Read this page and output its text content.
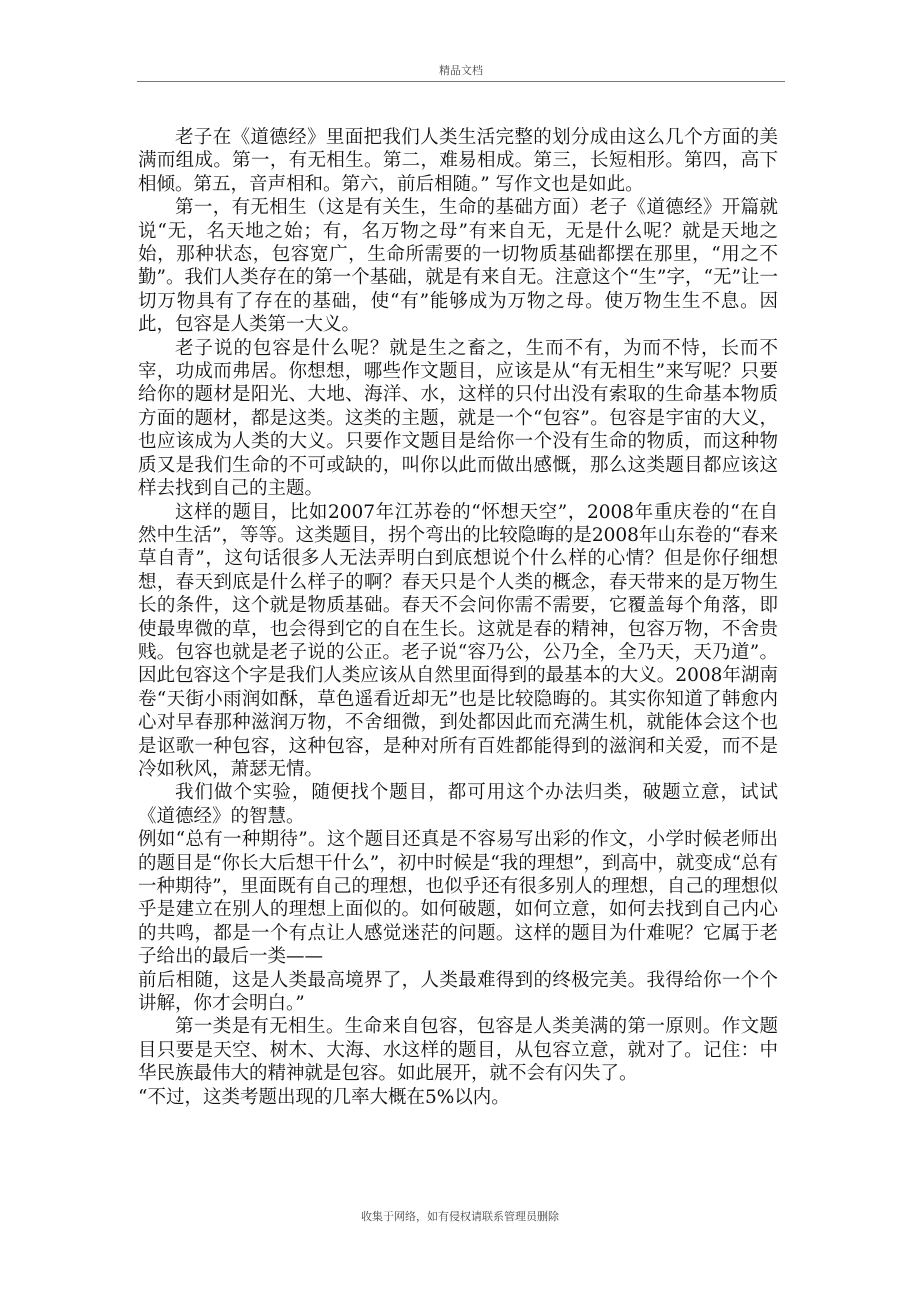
精品文档

老子在《道德经》里面把我们人类生活完整的划分成由这么几个方面的美满而组成。第一，有无相生。第二，难易相成。第三，长短相形。第四，高下相倾。第五，音声相和。第六，前后相随。” 写作文也是如此。

第一，有无相生（这是有关生，生命的基础方面）老子《道德经》开篇就说“无，名天地之始；有，名万物之母”有来自无，无是什么呢？就是天地之始，那种状态，包容宽广，生命所需要的一切物质基础都摆在那里，“用之不勤”。我们人类存在的第一个基础，就是有来自无。注意这个“生”字，“无”让一切万物具有了存在的基础，使“有”能够成为万物之母。使万物生生不息。因此，包容是人类第一大义。

老子说的包容是什么呢？就是生之畜之，生而不有，为而不恃，长而不宰，功成而弗居。你想想，哪些作文题目，应该是从“有无相生”来写呢？只要给你的题材是阳光、大地、海洋、水，这样的只付出没有索取的生命基本物质方面的题材，都是这类。这类的主题，就是一个“包容”。包容是宇宙的大义，也应该成为人类的大义。只要作文题目是给你一个没有生命的物质，而这种物质又是我们生命的不可或缺的，叫你以此而做出感慨，那么这类题目都应该这样去找到自己的主题。

这样的题目，比如2007年江苏卷的“怀想天空”，2008年重庆卷的“在自然中生活”，等等。这类题目，拐个弯出的比较隐晦的是2008年山东卷的“春来草自青”，这句话很多人无法弄明白到底想说个什么样的心情？但是你仔细想想，春天到底是什么样子的啊？春天只是个人类的概念，春天带来的是万物生长的条件，这个就是物质基础。春天不会问你需不需要，它覆盖每个角落，即使最卑微的草，也会得到它的自在生长。这就是春的精神，包容万物，不舍贵贱。包容也就是老子说的公正。老子说“容乃公，公乃全，全乃天，天乃道”。因此包容这个字是我们人类应该从自然里面得到的最基本的大义。2008年湖南卷“天街小雨润如酥，草色遥看近却无”也是比较隐晦的。其实你知道了韩愈内心对早春那种滋润万物，不舍细微，到处都因此而充满生机，就能体会这个也是讴歌一种包容，这种包容，是种对所有百姓都能得到的滋润和关爱，而不是冷如秋风，萧瑟无情。

我们做个实验，随便找个题目，都可用这个办法归类，破题立意，试试《道德经》的智慧。

例如“总有一种期待”。这个题目还真是不容易写出彩的作文，小学时候老师出的题目是“你长大后想干什么”，初中时候是“我的理想”，到高中，就变成“总有一种期待”，里面既有自己的理想，也似乎还有很多别人的理想，自己的理想似乎是建立在别人的理想上面似的。如何破题，如何立意，如何去找到自己内心的共鸣，都是一个有点让人感觉迷茫的问题。这样的题目为什难呢？它属于老子给出的最后一类——

前后相随，这是人类最高境界了，人类最难得到的终极完美。我得给你一个个讲解，你才会明白。”

第一类是有无相生。生命来自包容，包容是人类美满的第一原则。作文题目只要是天空、树木、大海、水这样的题目，从包容立意，就对了。记住：中华民族最伟大的精神就是包容。如此展开，就不会有闪失了。

“不过，这类考题出现的几率大概在5%以内。

收集于网络，如有侵权请联系管理员删除
